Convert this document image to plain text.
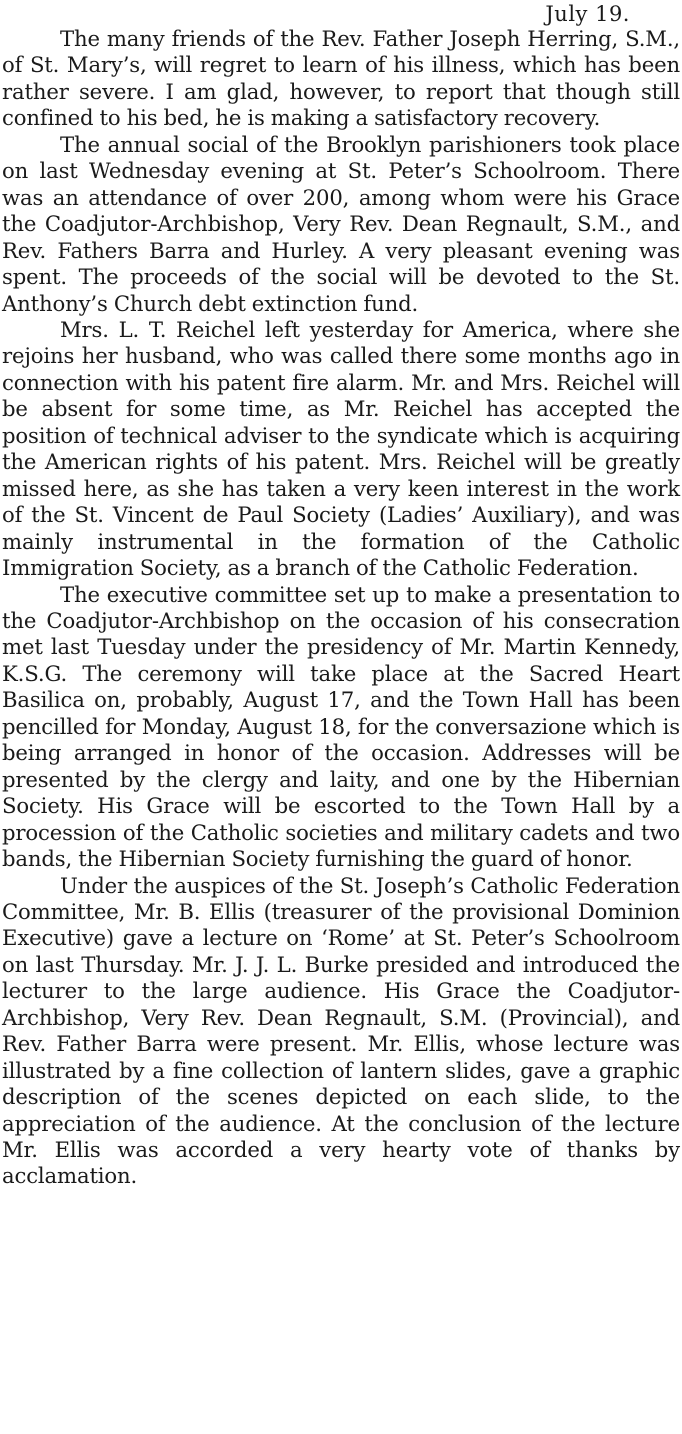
July 19.

The many friends of the Rev. Father Joseph Herring, S.M., of St. Mary’s, will regret to learn of his illness, which has been rather severe. I am glad, however, to report that though still confined to his bed, he is making a satisfactory recovery.

The annual social of the Brooklyn parishioners took place on last Wednesday evening at St. Peter’s Schoolroom. There was an attendance of over 200, among whom were his Grace the Coadjutor-Archbishop, Very Rev. Dean Regnault, S.M., and Rev. Fathers Barra and Hurley. A very pleasant evening was spent. The proceeds of the social will be devoted to the St. Anthony’s Church debt extinction fund.

Mrs. L. T. Reichel left yesterday for America, where she rejoins her husband, who was called there some months ago in connection with his patent fire alarm. Mr. and Mrs. Reichel will be absent for some time, as Mr. Reichel has accepted the position of technical adviser to the syndicate which is acquiring the American rights of his patent. Mrs. Reichel will be greatly missed here, as she has taken a very keen interest in the work of the St. Vincent de Paul Society (Ladies’ Auxiliary), and was mainly instrumental in the formation of the Catholic Immigration Society, as a branch of the Catholic Federation.

The executive committee set up to make a presentation to the Coadjutor-Archbishop on the occasion of his consecration met last Tuesday under the presidency of Mr. Martin Kennedy, K.S.G. The ceremony will take place at the Sacred Heart Basilica on, probably, August 17, and the Town Hall has been pencilled for Monday, August 18, for the conversazione which is being arranged in honor of the occasion. Addresses will be presented by the clergy and laity, and one by the Hibernian Society. His Grace will be escorted to the Town Hall by a procession of the Catholic societies and military cadets and two bands, the Hibernian Society furnishing the guard of honor.

Under the auspices of the St. Joseph’s Catholic Federation Committee, Mr. B. Ellis (treasurer of the provisional Dominion Executive) gave a lecture on ‘Rome’ at St. Peter’s Schoolroom on last Thursday. Mr. J. J. L. Burke presided and introduced the lecturer to the large audience. His Grace the Coadjutor-Archbishop, Very Rev. Dean Regnault, S.M. (Provincial), and Rev. Father Barra were present. Mr. Ellis, whose lecture was illustrated by a fine collection of lantern slides, gave a graphic description of the scenes depicted on each slide, to the appreciation of the audience. At the conclusion of the lecture Mr. Ellis was accorded a very hearty vote of thanks by acclamation.
